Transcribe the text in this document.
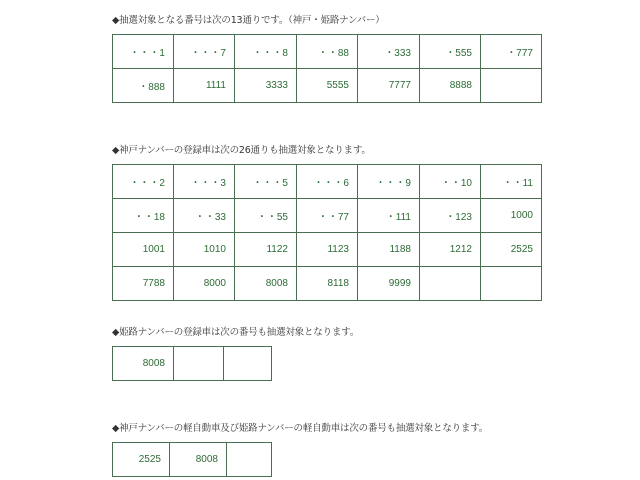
◆抽選対象となる番号は次の13通りです。（神戸・姫路ナンバー）
・・・1	・・・7	・・・8	・・88	・333	・555	・777
・888	1111	3333	5555	7777	8888	
◆神戸ナンバーの登録車は次の26通りも抽選対象となります。
・・・2	・・・3	・・・5	・・・6	・・・9	・・10	・・11
・・18	・・33	・・55	・・77	・111	・123	1000
1001	1010	1122	1123	1188	1212	2525
7788	8000	8008	8118	9999		
◆姫路ナンバーの登録車は次の番号も抽選対象となります。
8008		
◆神戸ナンバーの軽自動車及び姫路ナンバーの軽自動車は次の番号も抽選対象となります。
2525	8008	
